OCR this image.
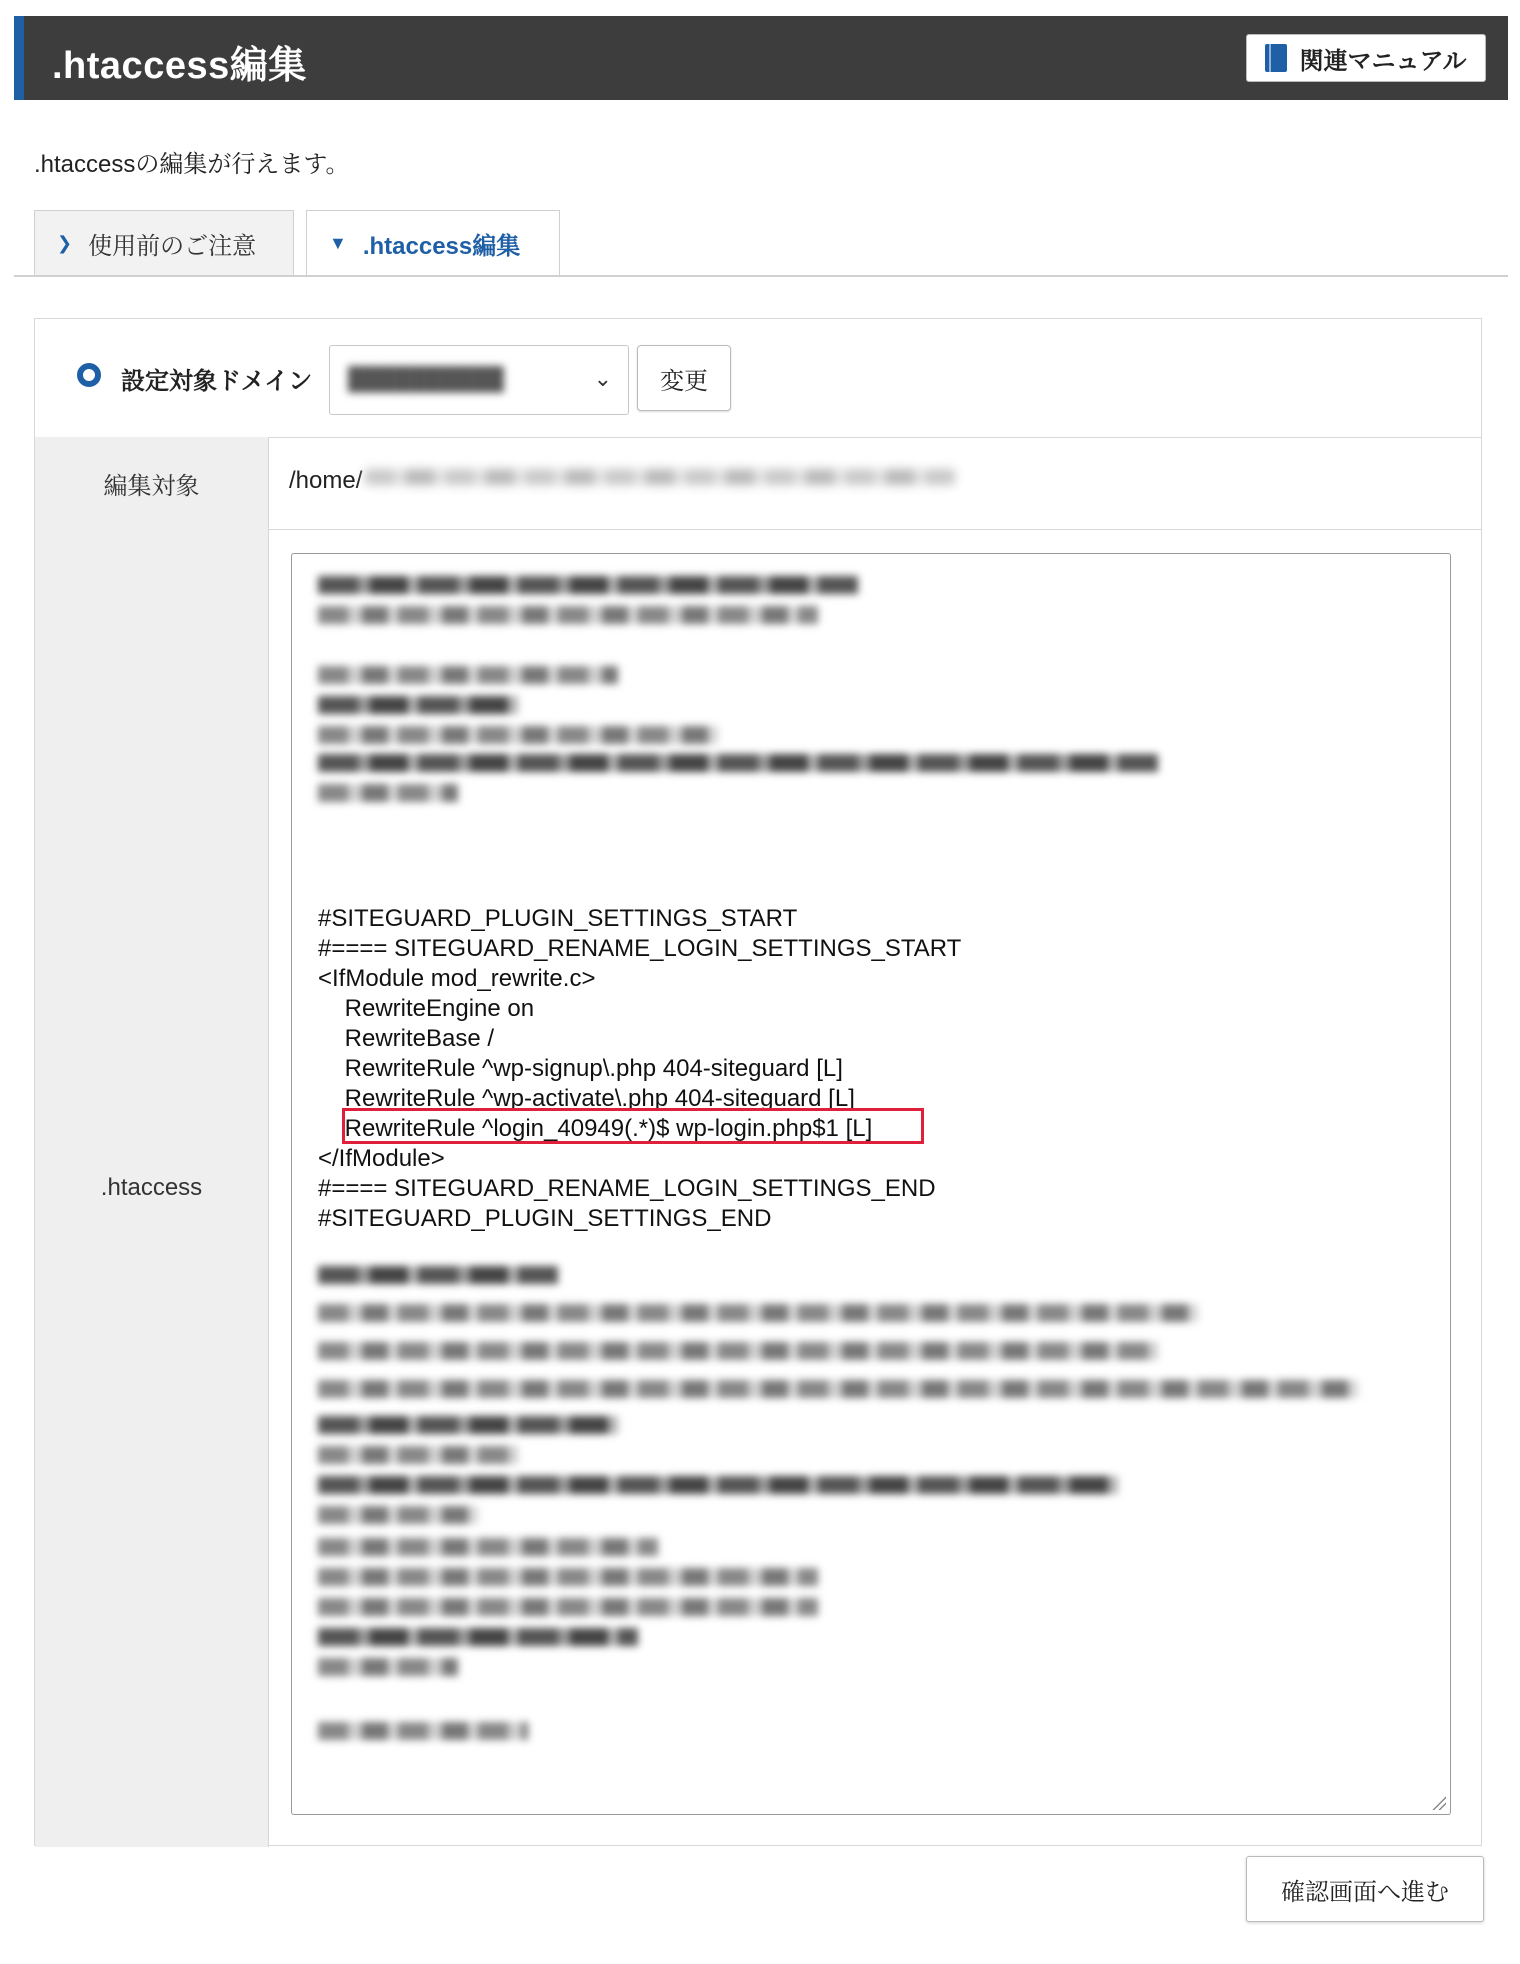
.htaccess編集	関連マニュアル
.htaccessの編集が行えます。
❯ 使用前のご注意	▼ .htaccess編集
設定対象ドメイン ██████████	⌄	変更
編集対象	/home/
.htaccess
#SITEGUARD_PLUGIN_SETTINGS_START
#==== SITEGUARD_RENAME_LOGIN_SETTINGS_START
<IfModule mod_rewrite.c>
RewriteEngine on
RewriteBase /
RewriteRule ^wp-signup\.php 404-siteguard [L]
RewriteRule ^wp-activate\.php 404-siteguard [L]
RewriteRule ^login_40949(.*)$ wp-login.php$1 [L]
</IfModule>
#==== SITEGUARD_RENAME_LOGIN_SETTINGS_END
#SITEGUARD_PLUGIN_SETTINGS_END
確認画面へ進む
